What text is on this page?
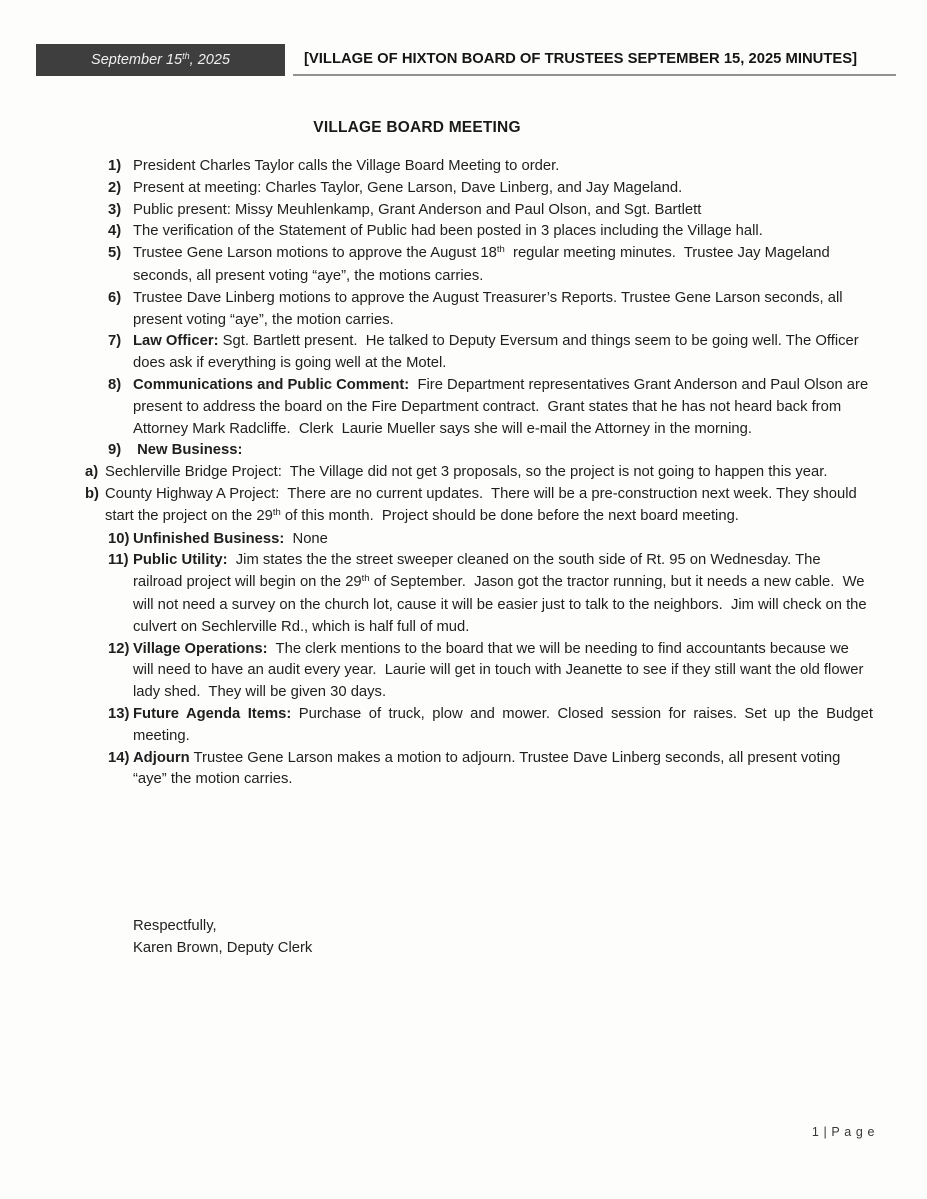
September 15 th , 2025	[VILLAGE OF HIXTON BOARD OF TRUSTEES SEPTEMBER 15, 2025 MINUTES]
VILLAGE BOARD MEETING
1) President Charles Taylor calls the Village Board Meeting to order.
2) Present at meeting: Charles Taylor, Gene Larson, Dave Linberg, and Jay Mageland.
3) Public present: Missy Meuhlenkamp, Grant Anderson and Paul Olson, and Sgt. Bartlett
4) The verification of the Statement of Public had been posted in 3 places including the Village hall.
5) Trustee Gene Larson motions to approve the August 18th  regular meeting minutes.  Trustee Jay Mageland  seconds, all present voting “aye”, the motions carries.
6) Trustee Dave Linberg motions to approve the August Treasurer’s Reports. Trustee Gene Larson seconds, all present voting “aye”, the motion carries.
7) Law Officer: Sgt. Bartlett present.  He talked to Deputy Eversum and things seem to be going well. The Officer does ask if everything is going well at the Motel.
8) Communications and Public Comment:  Fire Department representatives Grant Anderson and Paul Olson are present to address the board on the Fire Department contract.  Grant states that he has not heard back from Attorney Mark Radcliffe.  Clerk  Laurie Mueller says she will e-mail the Attorney in the morning.
9) New Business:
a) Sechlerville Bridge Project:  The Village did not get 3 proposals, so the project is not going to happen this year.
b) County Highway A Project:  There are no current updates.  There will be a pre-construction next week. They should start the project on the 29th of this month.  Project should be done before the next board meeting.
10) Unfinished Business:  None
11) Public Utility:  Jim states the the street sweeper cleaned on the south side of Rt. 95 on Wednesday. The railroad project will begin on the 29th of September.  Jason got the tractor running, but it needs a new cable.  We will not need a survey on the church lot, cause it will be easier just to talk to the neighbors.  Jim will check on the culvert on Sechlerville Rd., which is half full of mud.
12) Village Operations:  The clerk mentions to the board that we will be needing to find accountants because we will need to have an audit every year.  Laurie will get in touch with Jeanette to see if they still want the old flower lady shed.  They will be given 30 days.
13) Future Agenda Items: Purchase of truck, plow and mower. Closed session for raises. Set up the Budget meeting.
14) Adjourn Trustee Gene Larson makes a motion to adjourn. Trustee Dave Linberg seconds, all present voting “aye” the motion carries.
Respectfully,
Karen Brown, Deputy Clerk
1 | P a g e
